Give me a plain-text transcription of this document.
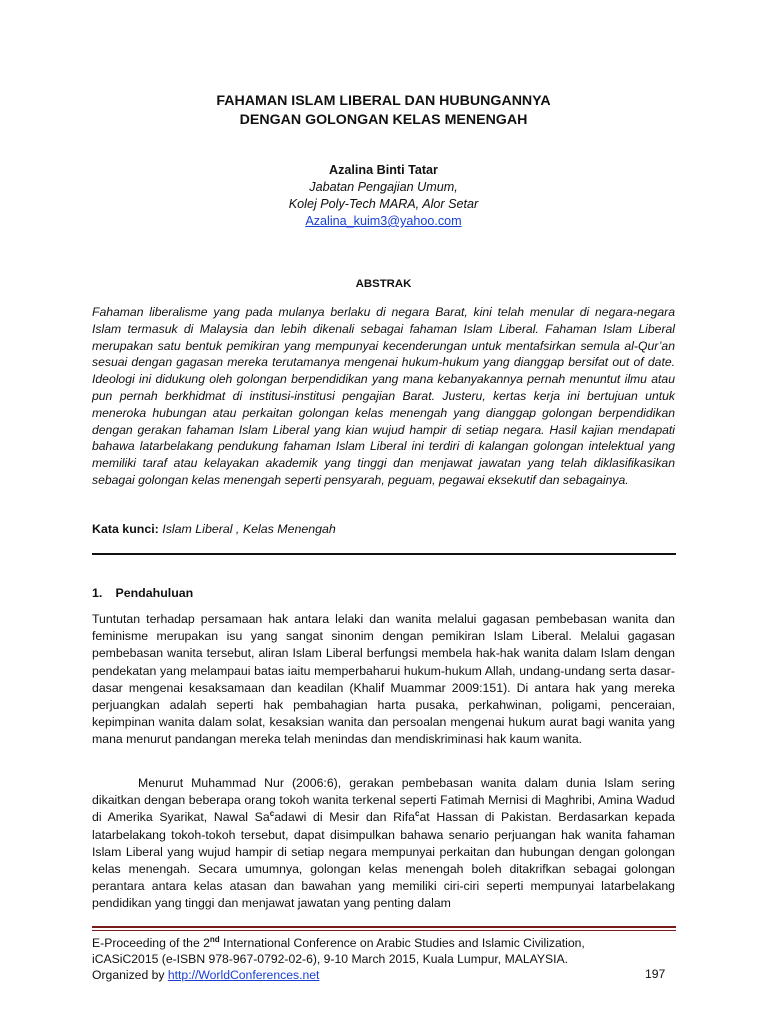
FAHAMAN ISLAM LIBERAL DAN HUBUNGANNYA
DENGAN GOLONGAN KELAS MENENGAH
Azalina Binti Tatar
Jabatan Pengajian Umum,
Kolej Poly-Tech MARA, Alor Setar
Azalina_kuim3@yahoo.com
ABSTRAK

Fahaman liberalisme yang pada mulanya berlaku di negara Barat, kini telah menular di negara-negara Islam termasuk di Malaysia dan lebih dikenali sebagai fahaman Islam Liberal. Fahaman Islam Liberal merupakan satu bentuk pemikiran yang mempunyai kecenderungan untuk mentafsirkan semula al-Qur’an sesuai dengan gagasan mereka terutamanya mengenai hukum-hukum yang dianggap bersifat out of date. Ideologi ini didukung oleh golongan berpendidikan yang mana kebanyakannya pernah menuntut ilmu atau pun pernah berkhidmat di institusi-institusi pengajian Barat. Justeru, kertas kerja ini bertujuan untuk meneroka hubungan atau perkaitan golongan kelas menengah yang dianggap golongan berpendidikan dengan gerakan fahaman Islam Liberal yang kian wujud hampir di setiap negara. Hasil kajian mendapati bahawa latarbelakang pendukung fahaman Islam Liberal ini terdiri di kalangan golongan intelektual yang memiliki taraf atau kelayakan akademik yang tinggi dan menjawat jawatan yang telah diklasifikasikan sebagai golongan kelas menengah seperti pensyarah, peguam, pegawai eksekutif dan sebagainya.

Kata kunci: Islam Liberal , Kelas Menengah
1. Pendahuluan

Tuntutan terhadap persamaan hak antara lelaki dan wanita melalui gagasan pembebasan wanita dan feminisme merupakan isu yang sangat sinonim dengan pemikiran Islam Liberal. Melalui gagasan pembebasan wanita tersebut, aliran Islam Liberal berfungsi membela hak-hak wanita dalam Islam dengan pendekatan yang melampaui batas iaitu memperbaharui hukum-hukum Allah, undang-undang serta dasar-dasar mengenai kesaksamaan dan keadilan (Khalif Muammar 2009:151). Di antara hak yang mereka perjuangkan adalah seperti hak pembahagian harta pusaka, perkahwinan, poligami, penceraian, kepimpinan wanita dalam solat, kesaksian wanita dan persoalan mengenai hukum aurat bagi wanita yang mana menurut pandangan mereka telah menindas dan mendiskriminasi hak kaum wanita.

Menurut Muhammad Nur (2006:6), gerakan pembebasan wanita dalam dunia Islam sering dikaitkan dengan beberapa orang tokoh wanita terkenal seperti Fatimah Mernisi di Maghribi, Amina Wadud di Amerika Syarikat, Nawal Sa$^c$adawi di Mesir dan Rifa$^c$at Hassan di Pakistan. Berdasarkan kepada latarbelakang tokoh-tokoh tersebut, dapat disimpulkan bahawa senario perjuangan hak wanita fahaman Islam Liberal yang wujud hampir di setiap negara mempunyai perkaitan dan hubungan dengan golongan kelas menengah. Secara umumnya, golongan kelas menengah boleh ditakrifkan sebagai golongan perantara antara kelas atasan dan bawahan yang memiliki ciri-ciri seperti mempunyai latarbelakang pendidikan yang tinggi dan menjawat jawatan yang penting dalam

E-Proceeding of the 2nd International Conference on Arabic Studies and Islamic Civilization,
iCASiC2015 (e-ISBN 978-967-0792-02-6), 9-10 March 2015, Kuala Lumpur, MALAYSIA.
Organized by http://WorldConferences.net	197
